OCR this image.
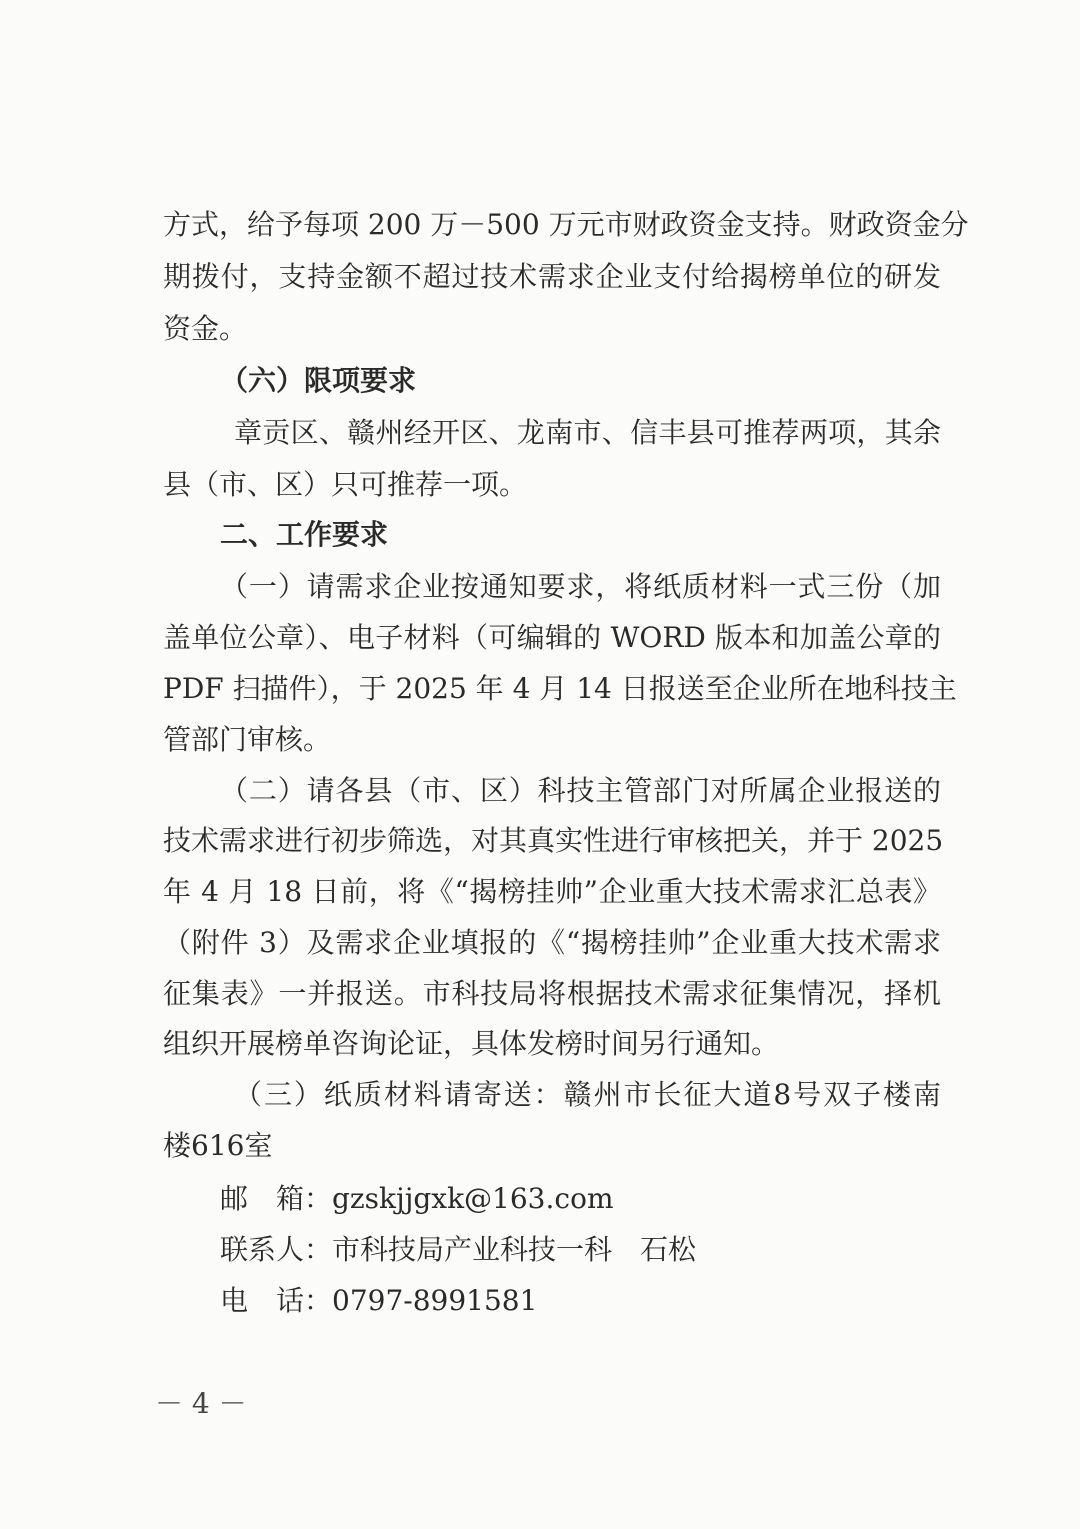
方式，给予每项 200 万－500 万元市财政资金支持。财政资金分
期拨付，支持金额不超过技术需求企业支付给揭榜单位的研发
资金。
（六）限项要求
章贡区、赣州经开区、龙南市、信丰县可推荐两项，其余
县（市、区）只可推荐一项。
二、工作要求
（一）请需求企业按通知要求，将纸质材料一式三份（加
盖单位公章）、电子材料（可编辑的 WORD 版本和加盖公章的
PDF 扫描件），于 2025 年 4 月 14 日报送至企业所在地科技主
管部门审核。
（二）请各县（市、区）科技主管部门对所属企业报送的
技术需求进行初步筛选，对其真实性进行审核把关，并于 2025
年 4 月 18 日前，将《“揭榜挂帅”企业重大技术需求汇总表》
（附件 3）及需求企业填报的《“揭榜挂帅”企业重大技术需求
征集表》一并报送。市科技局将根据技术需求征集情况，择机
组织开展榜单咨询论证，具体发榜时间另行通知。
（三）纸质材料请寄送：赣州市长征大道8号双子楼南
楼616室
邮　箱：gzskjjgxk@163.com
联系人：市科技局产业科技一科　石松
电　话：0797-8991581
－ 4 －
